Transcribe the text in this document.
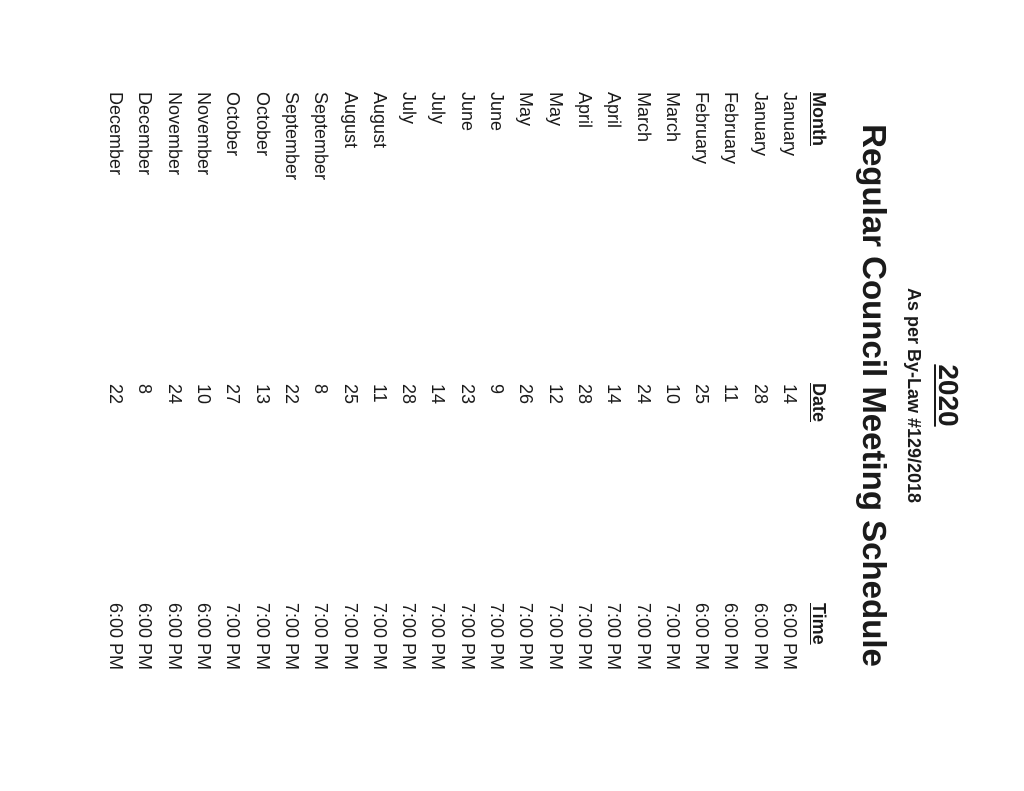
2020
As per By-Law #129/2018
Regular Council Meeting Schedule
Month
Date
Time
January
14
6:00 PM
January
28
6:00 PM
February
11
6:00 PM
February
25
6:00 PM
March
10
7:00 PM
March
24
7:00 PM
April
14
7:00 PM
April
28
7:00 PM
May
12
7:00 PM
May
26
7:00 PM
June
9
7:00 PM
June
23
7:00 PM
July
14
7:00 PM
July
28
7:00 PM
August
11
7:00 PM
August
25
7:00 PM
September
8
7:00 PM
September
22
7:00 PM
October
13
7:00 PM
October
27
7:00 PM
November
10
6:00 PM
November
24
6:00 PM
December
8
6:00 PM
December
22
6:00 PM
